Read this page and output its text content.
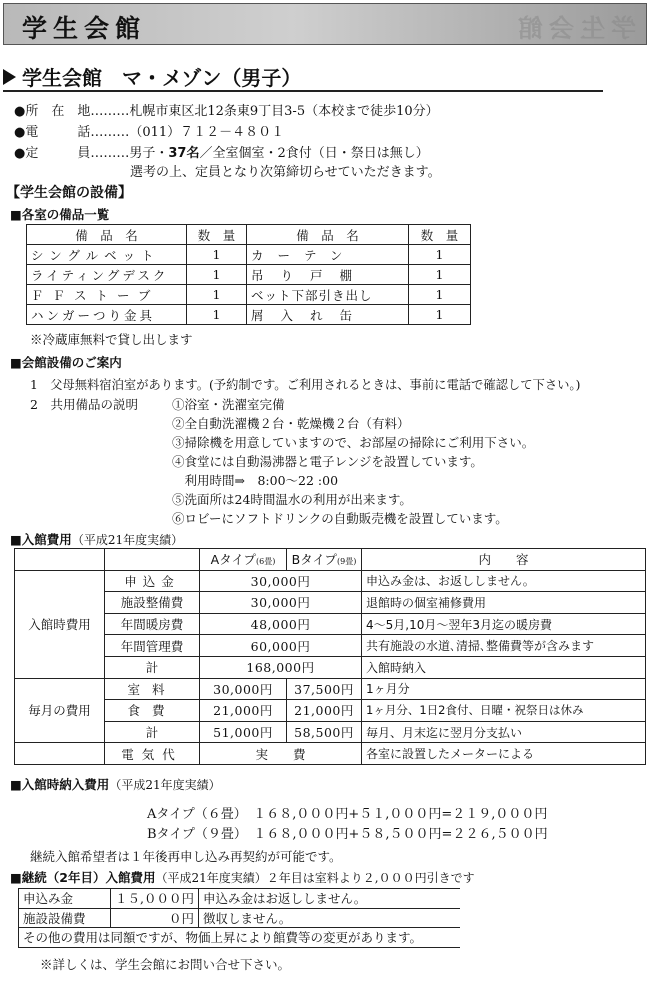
学生会館	学生会館
学生会館　マ・メゾン（男子）
●所　在　地………札幌市東区北12条東9丁目3-5（本校まで徒歩10分）
●電　　　話………（011）７１２－４８０１
●定　　　員………男子・37名／全室個室・2食付（日・祭日は無し）
選考の上、定員となり次第締切らせていただきます。
【学生会館の設備】
■各室の備品一覧
備　品　名	数　量	備　品　名	数　量
シングルベット	1	カーテン	1
ライティングデスク	1	吊り戸棚	1
ＦＦストーブ	1	ベット下部引き出し	1
ハンガーつり金具	1	屑入れ缶	1
※冷蔵庫無料で貸し出します
■会館設備のご案内
1　父母無料宿泊室があります。(予約制です。ご利用されるときは、事前に電話で確認して下さい。)
2　共用備品の説明	①浴室・洗濯室完備
②全自動洗濯機２台・乾燥機２台（有料）
③掃除機を用意していますので、お部屋の掃除にご利用下さい。
④食堂には自動湯沸器と電子レンジを設置しています。
　利用時間⇒　8:00～22 :00
⑤洗面所は24時間温水の利用が出来ます。
⑥ロビーにソフトドリンクの自動販売機を設置しています。
■入館費用（平成21年度実績）
		Aタイプ(6畳)	Bタイプ(9畳)	内　　容
入館時費用	申込金	30,000円		申込み金は、お返ししません。
	施設整備費	30,000円		退館時の個室補修費用
	年間暖房費	48,000円		4～5月,10月～翌年3月迄の暖房費
	年間管理費	60,000円		共有施設の水道､清掃､整備費等が含みます
	計	168,000円		入館時納入
毎月の費用	室料	30,000円	37,500円	1ヶ月分
	食費	21,000円	21,000円	1ヶ月分、1日2食付、日曜・祝祭日は休み
	計	51,000円	58,500円	毎月、月末迄に翌月分支払い
	電気代	実　　費		各室に設置したメーターによる
■入館時納入費用（平成21年度実績）
Aタイプ（６畳）　１６８,０００円+５１,０００円=２１９,０００円
Bタイプ（９畳）　１６８,０００円+５８,５００円=２２６,５００円
継続入館希望者は１年後再申し込み再契約が可能です。
■継続（2年目）入館費用（平成21年度実績）２年目は室料より２,０００円引きです
申込み金	１５,０００円	申込み金はお返ししません。
施設設備費	０円	徴収しません。
その他の費用は同額ですが、物価上昇により館費等の変更があります。		
※詳しくは、学生会館にお問い合せ下さい。
